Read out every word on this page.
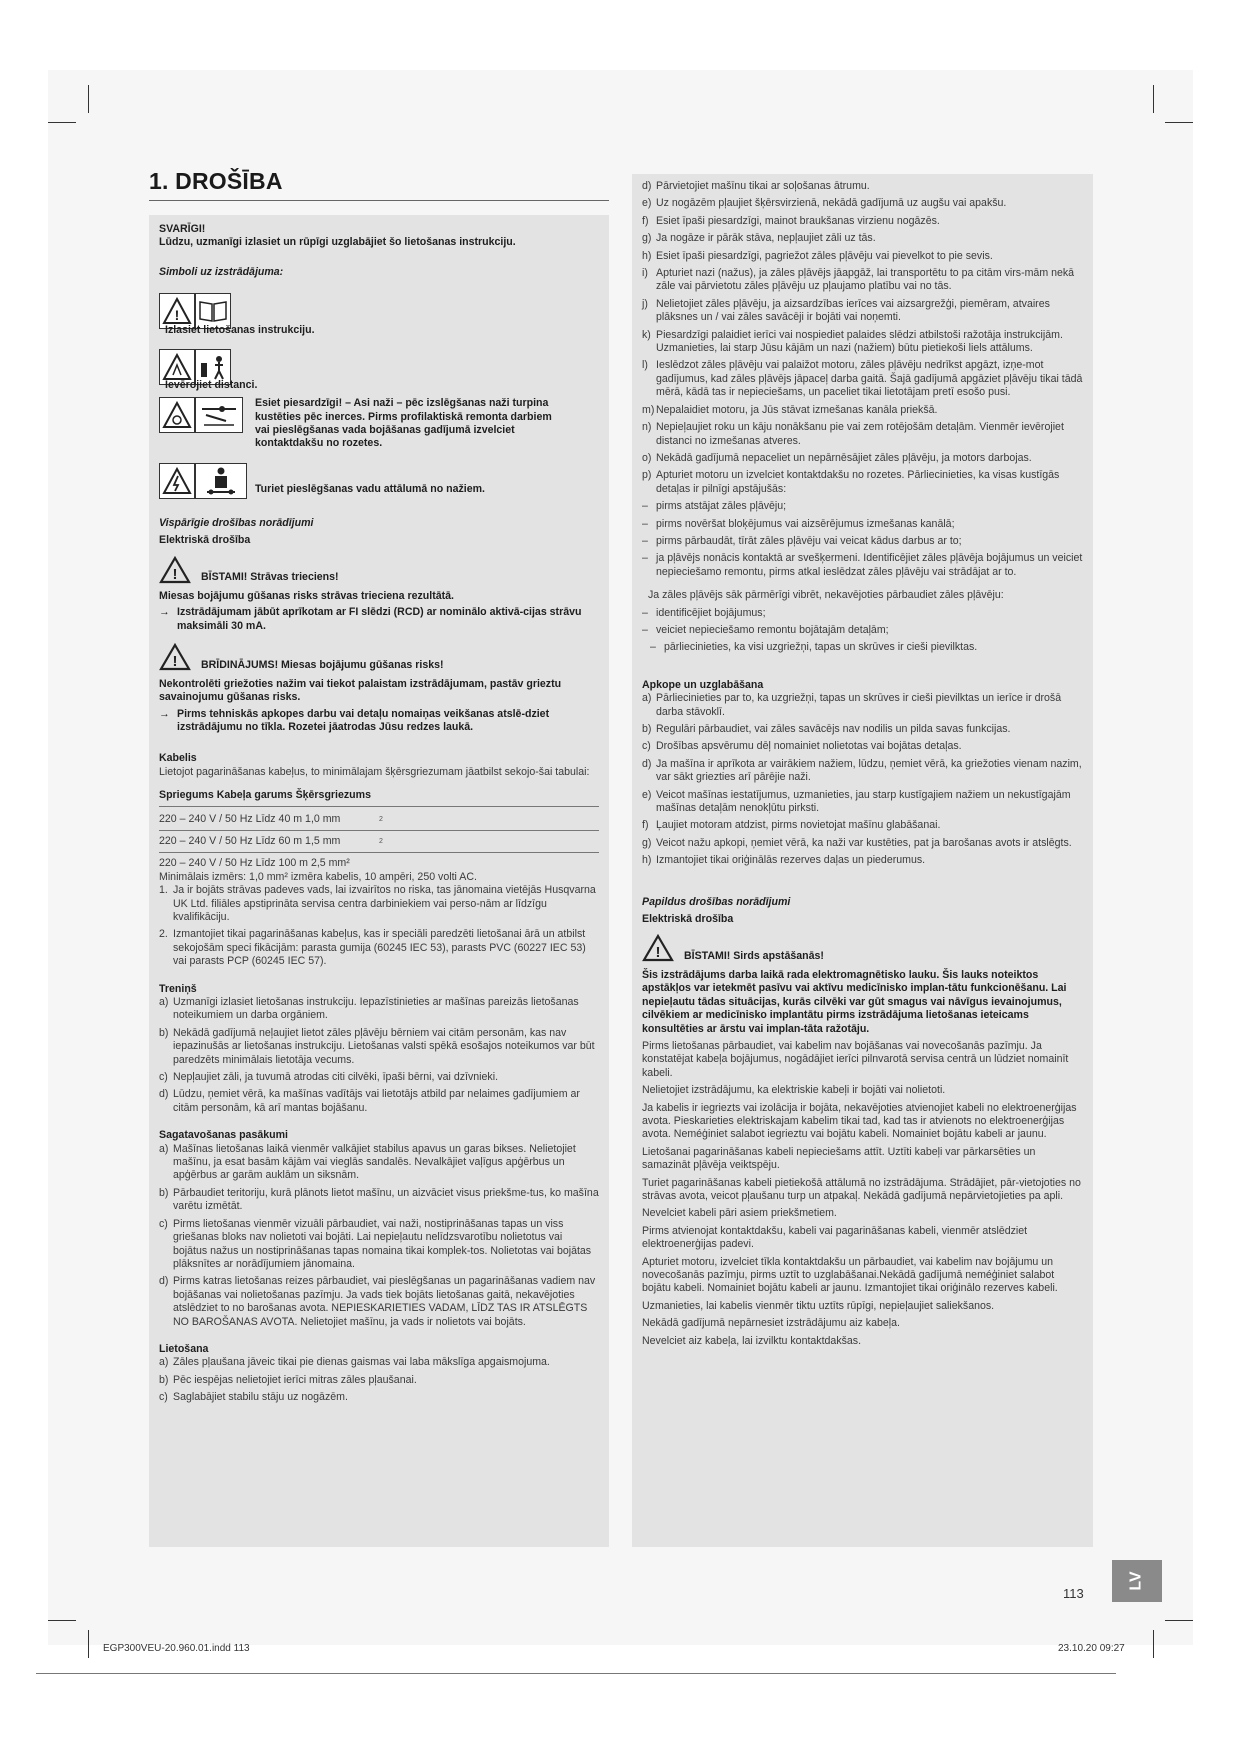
1. DROŠĪBA
SVARĪGI!
Lūdzu, uzmanīgi izlasiet un rūpīgi uzglabājiet šo lietošanas instrukciju.
Simboli uz izstrādājuma:
!
Izlasiet lietošanas instrukciju.
Ievērojiet distanci.
Esiet piesardzīgi! – Asi naži – pēc izslēgšanas naži turpina kustēties pēc inerces. Pirms profilaktiskā remonta darbiem vai pieslēgšanas vada bojāšanas gadījumā izvelciet kontaktdakšu no rozetes.
Turiet pieslēgšanas vadu attālumā no nažiem.
Vispārīgie drošības norādījumi
Elektriskā drošība
! BĪSTAMI! Strāvas trieciens!
Miesas bojājumu gūšanas risks strāvas trieciena rezultātā.
→ Izstrādājumam jābūt aprīkotam ar FI slēdzi (RCD) ar nominālo aktivā-cijas strāvu maksimāli 30 mA.
! BRĪDINĀJUMS! Miesas bojājumu gūšanas risks!
Nekontrolēti griežoties nažim vai tiekot palaistam izstrādājumam, pastāv grieztu savainojumu gūšanas risks.
→ Pirms tehniskās apkopes darbu vai detaļu nomaiņas veikšanas atslē-dziet izstrādājumu no tīkla. Rozetei jāatrodas Jūsu redzes laukā.
Kabelis
Lietojot pagarināšanas kabeļus, to minimālajam šķērsgriezumam jāatbilst sekojo-šai tabulai:
Spriegums Kabeļa garums Šķērsgriezums
220 – 240 V / 50 Hz Līdz 40 m 1,0 mm	2
220 – 240 V / 50 Hz Līdz 60 m 1,5 mm	2
220 – 240 V / 50 Hz Līdz 100 m 2,5 mm²
Minimālais izmērs: 1,0 mm² izmēra kabelis, 10 ampēri, 250 volti AC.
1. Ja ir bojāts strāvas padeves vads, lai izvairītos no riska, tas jānomaina vietējās Husqvarna UK Ltd. filiāles apstiprināta servisa centra darbiniekiem vai perso-nām ar līdzīgu kvalifikāciju.
2. Izmantojiet tikai pagarināšanas kabeļus, kas ir speciāli paredzēti lietošanai ārā un atbilst sekojošām speci fikācijām: parasta gumija (60245 IEC 53), parasts PVC (60227 IEC 53) vai parasts PCP (60245 IEC 57).
Treniņš
a) Uzmanīgi izlasiet lietošanas instrukciju. Iepazīstinieties ar mašīnas pareizās lietošanas noteikumiem un darba orgāniem.
b) Nekādā gadījumā neļaujiet lietot zāles pļāvēju bērniem vai citām personām, kas nav iepazinušās ar lietošanas instrukciju. Lietošanas valsti spēkā esošajos noteikumos var būt paredzēts minimālais lietotāja vecums.
c) Nepļaujiet zāli, ja tuvumā atrodas citi cilvēki, īpaši bērni, vai dzīvnieki.
d) Lūdzu, ņemiet vērā, ka mašīnas vadītājs vai lietotājs atbild par nelaimes gadījumiem ar citām personām, kā arī mantas bojāšanu.
Sagatavošanas pasākumi
a) Mašīnas lietošanas laikā vienmēr valkājiet stabilus apavus un garas bikses. Nelietojiet mašīnu, ja esat basām kājām vai vieglās sandalēs. Nevalkājiet vaļīgus apģērbus un apģērbus ar garām auklām un siksnām.
b) Pārbaudiet teritoriju, kurā plānots lietot mašīnu, un aizvāciet visus priekšme-tus, ko mašīna varētu izmētāt.
c) Pirms lietošanas vienmēr vizuāli pārbaudiet, vai naži, nostiprināšanas tapas un viss griešanas bloks nav nolietoti vai bojāti. Lai nepieļautu nelīdzsvarotību nolietotus vai bojātus nažus un nostiprināšanas tapas nomaina tikai komplek-tos. Nolietotas vai bojātas plāksnītes ar norādījumiem jānomaina.
d) Pirms katras lietošanas reizes pārbaudiet, vai pieslēgšanas un pagarināšanas vadiem nav bojāšanas vai nolietošanas pazīmju. Ja vads tiek bojāts lietošanas gaitā, nekavējoties atslēdziet to no barošanas avota. NEPIESKARIETIES VADAM, LĪDZ TAS IR ATSLĒGTS NO BAROŠANAS AVOTA. Nelietojiet mašīnu, ja vads ir nolietots vai bojāts.
Lietošana
a) Zāles pļaušana jāveic tikai pie dienas gaismas vai laba mākslīga apgaismojuma.
b) Pēc iespējas nelietojiet ierīci mitras zāles pļaušanai.
c) Saglabājiet stabilu stāju uz nogāzēm.
d) Pārvietojiet mašīnu tikai ar soļošanas ātrumu.
e) Uz nogāzēm pļaujiet šķērsvirzienā, nekādā gadījumā uz augšu vai apakšu.
f) Esiet īpaši piesardzīgi, mainot braukšanas virzienu nogāzēs.
g) Ja nogāze ir pārāk stāva, nepļaujiet zāli uz tās.
h) Esiet īpaši piesardzīgi, pagriežot zāles pļāvēju vai pievelkot to pie sevis.
i) Apturiet nazi (nažus), ja zāles pļāvējs jāapgāž, lai transportētu to pa citām virs-mām nekā zāle vai pārvietotu zāles pļāvēju uz pļaujamo platību vai no tās.
j) Nelietojiet zāles pļāvēju, ja aizsardzības ierīces vai aizsargrežģi, piemēram, atvaires plāksnes un / vai zāles savācēji ir bojāti vai noņemti.
k) Piesardzīgi palaidiet ierīci vai nospiediet palaides slēdzi atbilstoši ražotāja instrukcijām. Uzmanieties, lai starp Jūsu kājām un nazi (nažiem) būtu pietiekoši liels attālums.
l) Ieslēdzot zāles pļāvēju vai palaižot motoru, zāles pļāvēju nedrīkst apgāzt, izņe-mot gadījumus, kad zāles pļāvējs jāpaceļ darba gaitā. Šajā gadījumā apgāziet pļāvēju tikai tādā mērā, kādā tas ir nepieciešams, un paceliet tikai lietotājam pretī esošo pusi.
m) Nepalaidiet motoru, ja Jūs stāvat izmešanas kanāla priekšā.
n) Nepieļaujiet roku un kāju nonākšanu pie vai zem rotējošām detaļām. Vienmēr ievērojiet distanci no izmešanas atveres.
o) Nekādā gadījumā nepaceliet un nepārnēsājiet zāles pļāvēju, ja motors darbojas.
p) Apturiet motoru un izvelciet kontaktdakšu no rozetes. Pārliecinieties, ka visas kustīgās detaļas ir pilnīgi apstājušās:
– pirms atstājat zāles pļāvēju;
– pirms novēršat bloķējumus vai aizsērējumus izmešanas kanālā;
– pirms pārbaudāt, tīrāt zāles pļāvēju vai veicat kādus darbus ar to;
– ja pļāvējs nonācis kontaktā ar svešķermeni. Identificējiet zāles pļāvēja bojājumus un veiciet nepieciešamo remontu, pirms atkal ieslēdzat zāles pļāvēju vai strādājat ar to.
Ja zāles pļāvējs sāk pārmērīgi vibrēt, nekavējoties pārbaudiet zāles pļāvēju:
– identificējiet bojājumus;
– veiciet nepieciešamo remontu bojātajām detaļām;
– pārliecinieties, ka visi uzgriežņi, tapas un skrūves ir cieši pievilktas.
Apkope un uzglabāšana
a) Pārliecinieties par to, ka uzgriežņi, tapas un skrūves ir cieši pievilktas un ierīce ir drošā darba stāvoklī.
b) Regulāri pārbaudiet, vai zāles savācējs nav nodilis un pilda savas funkcijas.
c) Drošības apsvērumu dēļ nomainiet nolietotas vai bojātas detaļas.
d) Ja mašīna ir aprīkota ar vairākiem nažiem, lūdzu, ņemiet vērā, ka griežoties vienam nazim, var sākt griezties arī pārējie naži.
e) Veicot mašīnas iestatījumus, uzmanieties, jau starp kustīgajiem nažiem un nekustīgajām mašīnas detaļām nenokļūtu pirksti.
f) Ļaujiet motoram atdzist, pirms novietojat mašīnu glabāšanai.
g) Veicot nažu apkopi, ņemiet vērā, ka naži var kustēties, pat ja barošanas avots ir atslēgts.
h) Izmantojiet tikai oriģinālās rezerves daļas un piederumus.
Papildus drošības norādījumi
Elektriskā drošība
! BĪSTAMI! Sirds apstāšanās!
Šis izstrādājums darba laikā rada elektromagnētisko lauku. Šis lauks noteiktos apstākļos var ietekmēt pasīvu vai aktīvu medicīnisko implan-tātu funkcionēšanu. Lai nepieļautu tādas situācijas, kurās cilvēki var gūt smagus vai nāvīgus ievainojumus, cilvēkiem ar medicīnisko implantātu pirms izstrādājuma lietošanas ieteicams konsultēties ar ārstu vai implan-tāta ražotāju.
Pirms lietošanas pārbaudiet, vai kabelim nav bojāšanas vai novecošanās pazīmju. Ja konstatējat kabeļa bojājumus, nogādājiet ierīci pilnvarotā servisa centrā un lūdziet nomainīt kabeli.
Nelietojiet izstrādājumu, ka elektriskie kabeļi ir bojāti vai nolietoti.
Ja kabelis ir iegriezts vai izolācija ir bojāta, nekavējoties atvienojiet kabeli no elektroenerģijas avota. Pieskarieties elektriskajam kabelim tikai tad, kad tas ir atvienots no elektroenerģijas avota. Neméģiniet salabot iegrieztu vai bojātu kabeli. Nomainiet bojātu kabeli ar jaunu.
Lietošanai pagarināšanas kabeli nepieciešams attīt. Uztīti kabeļi var pārkarsēties un samazināt pļāvēja veiktspēju.
Turiet pagarināšanas kabeli pietiekošā attālumā no izstrādājuma. Strādājiet, pār-vietojoties no strāvas avota, veicot pļaušanu turp un atpakaļ. Nekādā gadījumā nepārvietojieties pa apli.
Nevelciet kabeli pāri asiem priekšmetiem.
Pirms atvienojat kontaktdakšu, kabeli vai pagarināšanas kabeli, vienmēr atslēdziet elektroenerģijas padevi.
Apturiet motoru, izvelciet tīkla kontaktdakšu un pārbaudiet, vai kabelim nav bojājumu un novecošanās pazīmju, pirms uztīt to uzglabāšanai.Nekādā gadījumā neméģiniet salabot bojātu kabeli. Nomainiet bojātu kabeli ar jaunu. Izmantojiet tikai oriģinālo rezerves kabeli.
Uzmanieties, lai kabelis vienmēr tiktu uztīts rūpīgi, nepieļaujiet saliekšanos.
Nekādā gadījumā nepārnesiet izstrādājumu aiz kabeļa.
Nevelciet aiz kabeļa, lai izvilktu kontaktdakšas.
113
LV
EGP300VEU-20.960.01.indd 113	23.10.20 09:27
